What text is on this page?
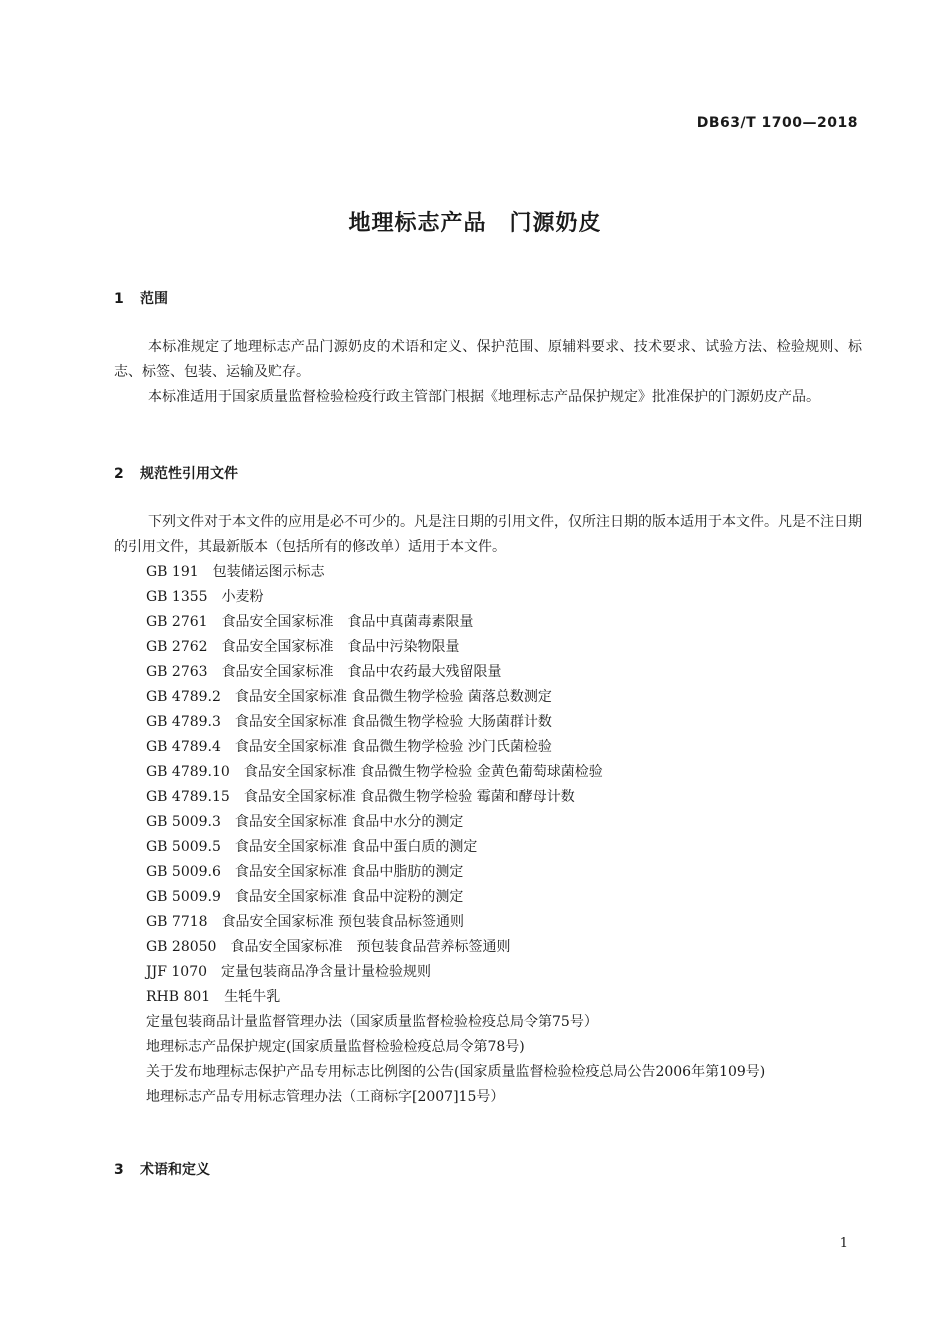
DB63/T 1700—2018
地理标志产品　门源奶皮
1 范围

本标准规定了地理标志产品门源奶皮的术语和定义、保护范围、原辅料要求、技术要求、试验方法、检验规则、标志、标签、包装、运输及贮存。

本标准适用于国家质量监督检验检疫行政主管部门根据《地理标志产品保护规定》批准保护的门源奶皮产品。

2 规范性引用文件

下列文件对于本文件的应用是必不可少的。凡是注日期的引用文件，仅所注日期的版本适用于本文件。凡是不注日期的引用文件，其最新版本（包括所有的修改单）适用于本文件。

GB 191 包装储运图示标志
GB 1355 小麦粉
GB 2761 食品安全国家标准　食品中真菌毒素限量
GB 2762 食品安全国家标准　食品中污染物限量
GB 2763 食品安全国家标准　食品中农药最大残留限量
GB 4789.2 食品安全国家标准 食品微生物学检验 菌落总数测定
GB 4789.3 食品安全国家标准 食品微生物学检验 大肠菌群计数
GB 4789.4 食品安全国家标准 食品微生物学检验 沙门氏菌检验
GB 4789.10 食品安全国家标准 食品微生物学检验 金黄色葡萄球菌检验
GB 4789.15 食品安全国家标准 食品微生物学检验 霉菌和酵母计数
GB 5009.3 食品安全国家标准 食品中水分的测定
GB 5009.5 食品安全国家标准 食品中蛋白质的测定
GB 5009.6 食品安全国家标准 食品中脂肪的测定
GB 5009.9 食品安全国家标准 食品中淀粉的测定
GB 7718 食品安全国家标准 预包装食品标签通则
GB 28050 食品安全国家标准　预包装食品营养标签通则
JJF 1070 定量包装商品净含量计量检验规则
RHB 801 生牦牛乳
定量包装商品计量监督管理办法（国家质量监督检验检疫总局令第75号）
地理标志产品保护规定(国家质量监督检验检疫总局令第78号)
关于发布地理标志保护产品专用标志比例图的公告(国家质量监督检验检疫总局公告2006年第109号)
地理标志产品专用标志管理办法（工商标字[2007]15号）
3 术语和定义
1
